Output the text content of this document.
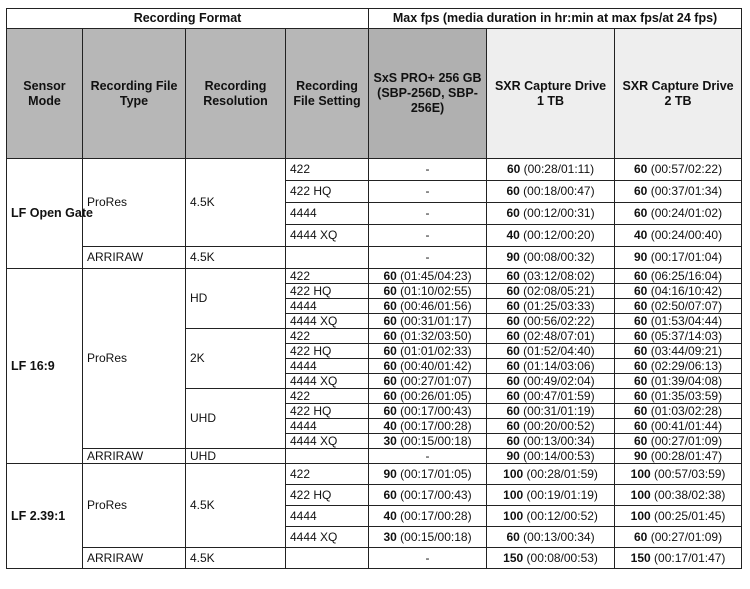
Recording Format				Max fps (media duration in hr:min at max fps/at 24 fps)		
Sensor Mode	Recording File Type	Recording Resolution	Recording File Setting	SxS PRO+ 256 GB (SBP-256D, SBP-256E)	SXR Capture Drive 1 TB	SXR Capture Drive 2 TB
LF Open Gate	ProRes	4.5K	422	-	60 (00:28/01:11)	60 (00:57/02:22)
			422 HQ	-	60 (00:18/00:47)	60 (00:37/01:34)
			4444	-	60 (00:12/00:31)	60 (00:24/01:02)
			4444 XQ	-	40 (00:12/00:20)	40 (00:24/00:40)
	ARRIRAW	4.5K		-	90 (00:08/00:32)	90 (00:17/01:04)
LF 16:9	ProRes	HD	422	60 (01:45/04:23)	60 (03:12/08:02)	60 (06:25/16:04)
			422 HQ	60 (01:10/02:55)	60 (02:08/05:21)	60 (04:16/10:42)
			4444	60 (00:46/01:56)	60 (01:25/03:33)	60 (02:50/07:07)
			4444 XQ	60 (00:31/01:17)	60 (00:56/02:22)	60 (01:53/04:44)
		2K	422	60 (01:32/03:50)	60 (02:48/07:01)	60 (05:37/14:03)
			422 HQ	60 (01:01/02:33)	60 (01:52/04:40)	60 (03:44/09:21)
			4444	60 (00:40/01:42)	60 (01:14/03:06)	60 (02:29/06:13)
			4444 XQ	60 (00:27/01:07)	60 (00:49/02:04)	60 (01:39/04:08)
		UHD	422	60 (00:26/01:05)	60 (00:47/01:59)	60 (01:35/03:59)
			422 HQ	60 (00:17/00:43)	60 (00:31/01:19)	60 (01:03/02:28)
			4444	40 (00:17/00:28)	60 (00:20/00:52)	60 (00:41/01:44)
			4444 XQ	30 (00:15/00:18)	60 (00:13/00:34)	60 (00:27/01:09)
	ARRIRAW	UHD		-	90 (00:14/00:53)	90 (00:28/01:47)
LF 2.39:1	ProRes	4.5K	422	90 (00:17/01:05)	100 (00:28/01:59)	100 (00:57/03:59)
			422 HQ	60 (00:17/00:43)	100 (00:19/01:19)	100 (00:38/02:38)
			4444	40 (00:17/00:28)	100 (00:12/00:52)	100 (00:25/01:45)
			4444 XQ	30 (00:15/00:18)	60 (00:13/00:34)	60 (00:27/01:09)
	ARRIRAW	4.5K		-	150 (00:08/00:53)	150 (00:17/01:47)
